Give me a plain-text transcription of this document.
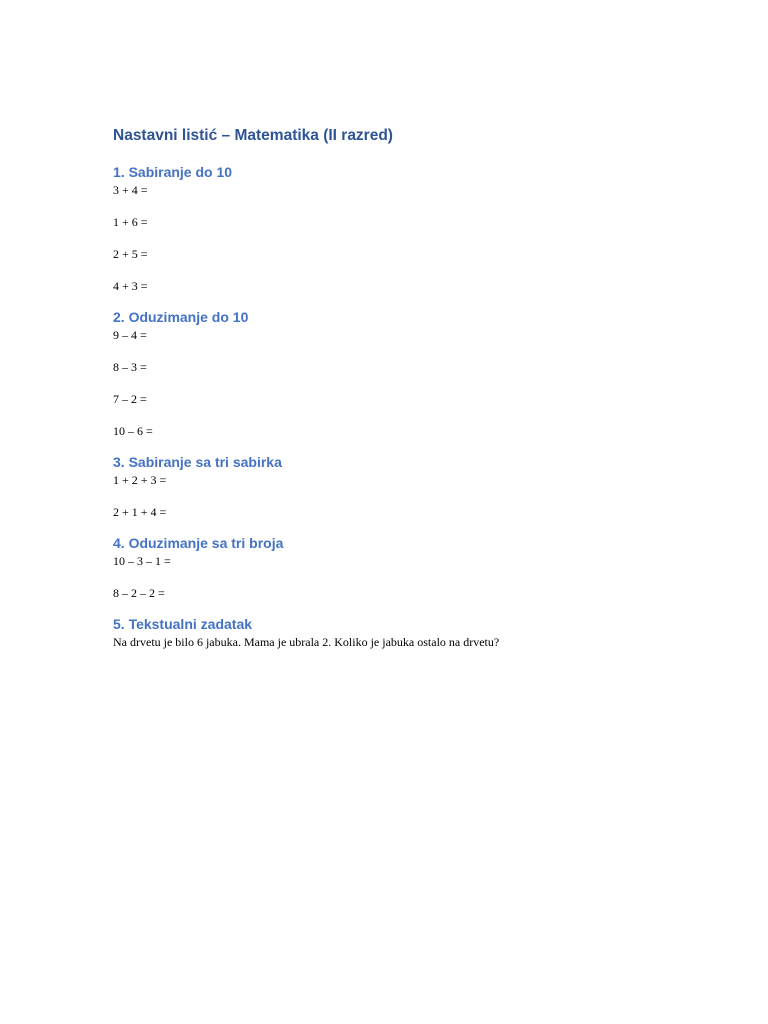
Nastavni listić – Matematika (II razred)
1. Sabiranje do 10

3 + 4 =

1 + 6 =

2 + 5 =

4 + 3 =

2. Oduzimanje do 10

9 – 4 =

8 – 3 =

7 – 2 =

10 – 6 =

3. Sabiranje sa tri sabirka

1 + 2 + 3 =

2 + 1 + 4 =

4. Oduzimanje sa tri broja

10 – 3 – 1 =

8 – 2 – 2 =

5. Tekstualni zadatak

Na drvetu je bilo 6 jabuka. Mama je ubrala 2. Koliko je jabuka ostalo na drvetu?
